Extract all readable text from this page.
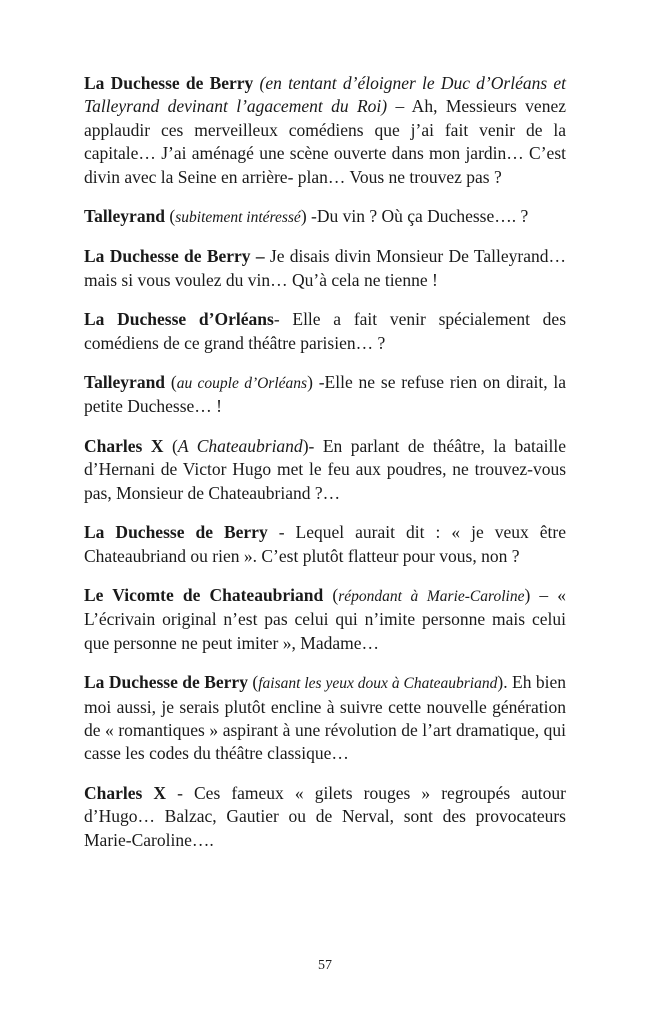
La Duchesse de Berry (en tentant d’éloigner le Duc d’Orléans et Talleyrand devinant l’agacement du Roi) – Ah, Messieurs venez applaudir ces merveilleux comédiens que j’ai fait venir de la capitale… J’ai aménagé une scène ouverte dans mon jardin… C’est divin avec la Seine en arrière- plan… Vous ne trouvez pas ?

Talleyrand (subitement intéressé) -Du vin ? Où ça Duchesse…. ?

La Duchesse de Berry – Je disais divin Monsieur De Talleyrand… mais si vous voulez du vin… Qu’à cela ne tienne !

La Duchesse d’Orléans- Elle a fait venir spécialement des comédiens de ce grand théâtre parisien… ?

Talleyrand (au couple d’Orléans) -Elle ne se refuse rien on dirait, la petite Duchesse… !

Charles X (A Chateaubriand)- En parlant de théâtre, la bataille d’Hernani de Victor Hugo met le feu aux poudres, ne trouvez-vous pas, Monsieur de Chateaubriand ?…

La Duchesse de Berry - Lequel aurait dit : « je veux être Chateaubriand ou rien ». C’est plutôt flatteur pour vous, non ?

Le Vicomte de Chateaubriand (répondant à Marie-Caroline) – « L’écrivain original n’est pas celui qui n’imite personne mais celui que personne ne peut imiter », Madame…

La Duchesse de Berry (faisant les yeux doux à Chateaubriand). Eh bien moi aussi, je serais plutôt encline à suivre cette nouvelle génération de « romantiques » aspirant à une révolution de l’art dramatique, qui casse les codes du théâtre classique…

Charles X - Ces fameux « gilets rouges » regroupés autour d’Hugo… Balzac, Gautier ou de Nerval, sont des provocateurs Marie-Caroline….

57
